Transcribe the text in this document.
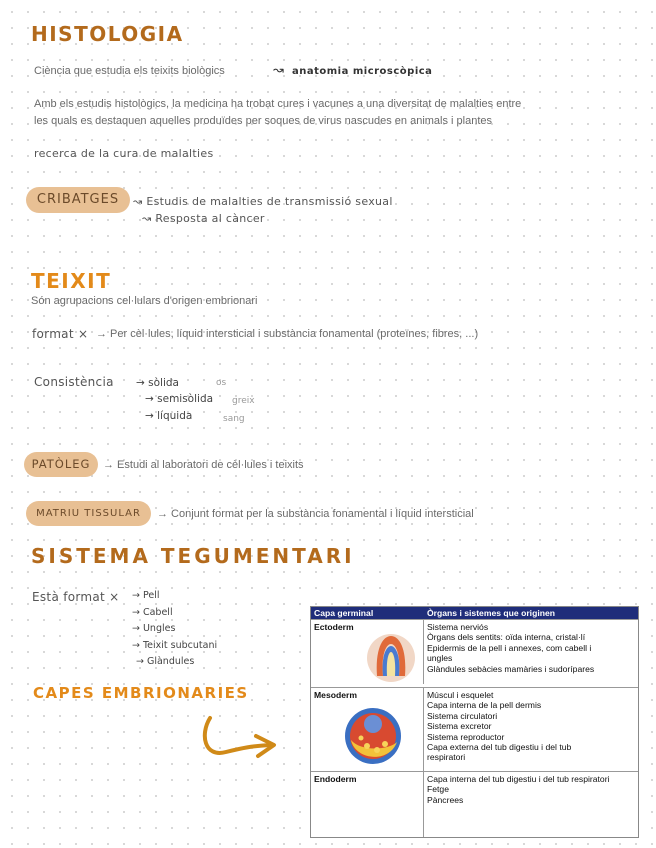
HISTOLOGIA
Ciència que estudia els teixits biològics	↝ anatomia microscòpica
Amb els estudis histològics, la medicina ha trobat cures i vacunes a una diversitat de malalties entre
les quals es destaquen aquelles produïdes per soques de virus nascudes en animals i plantes
recerca de la cura de malalties
CRIBATGES	↝ Estudis de malalties de transmissió sexual
↝ Resposta al càncer
TEIXIT
Són agrupacions cel·lulars d'origen embrionari
format × → Per cèl·lules, líquid intersticial i substància fonamental (proteïnes, fibres, ...)
Consistència → sòlida	os
→ semisòlida greix
→ líquida	sang
PATÒLEG	→ Estudi al laboratori de cèl·lules i teixits
MATRIU TISSULAR	→ Conjunt format per la substància fonamental i líquid intersticial
SISTEMA TEGUMENTARI
Està format × → Pell
→ Cabell
→ Ungles
→ Teixit subcutani
→ Glàndules
CAPES EMBRIONARIES
Capa germinal	Òrgans i sistemes que originen
Ectoderm	Sistema nerviós
Òrgans dels sentits: oïda interna, cristal·lí
Epidermis de la pell i annexes, com cabell i
ungles
Glàndules sebàcies mamàries i sudorípares
Mesoderm	Múscul i esquelet
Capa interna de la pell dermis
Sistema circulatori
Sistema excretor
Sistema reproductor
Capa externa del tub digestiu i del tub
respiratori
Endoderm	Capa interna del tub digestiu i del tub respiratori
Fetge
Pàncrees
